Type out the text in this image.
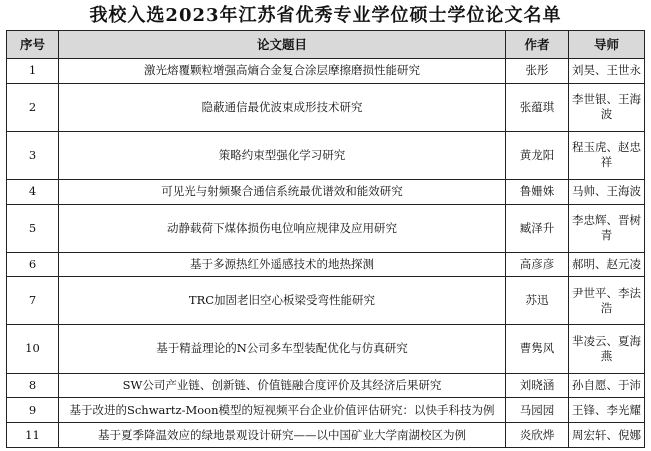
我校入选2023年江苏省优秀专业学位硕士学位论文名单
序号	论文题目	作者	导师
1	激光熔覆颗粒增强高熵合金复合涂层摩擦磨损性能研究	张彤	刘昊、王世永
2	隐蔽通信最优波束成形技术研究	张蕴琪	李世银、王海波
3	策略约束型强化学习研究	黄龙阳	程玉虎、赵忠祥
4	可见光与射频聚合通信系统最优谱效和能效研究	鲁姗姝	马帅、王海波
5	动静载荷下煤体损伤电位响应规律及应用研究	臧泽升	李忠辉、晋树青
6	基于多源热红外遥感技术的地热探测	高彦彦	郝明、赵元凌
7	TRC加固老旧空心板梁受弯性能研究	苏迅	尹世平、李法浩
10	基于精益理论的N公司多车型装配优化与仿真研究	曹隽风	芈凌云、夏海燕
8	SW公司产业链、创新链、价值链融合度评价及其经济后果研究	刘晓涵	孙自愿、于沛
9	基于改进的Schwartz-Moon模型的短视频平台企业价值评估研究：以快手科技为例	马园园	王锋、李光耀
11	基于夏季降温效应的绿地景观设计研究——以中国矿业大学南湖校区为例	炎欣烨	周宏轩、倪娜
